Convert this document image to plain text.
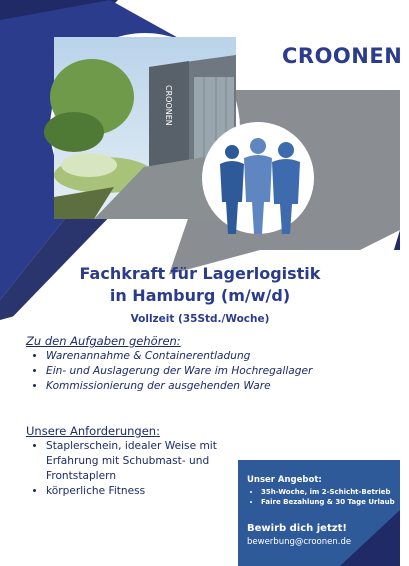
CROONEN
CROONEN
Fachkraft für Lagerlogistik
in Hamburg (m/w/d)

Vollzeit (35Std./Woche)

Zu den Aufgaben gehören:

• Warenannahme & Containerentladung
• Ein- und Auslagerung der Ware im Hochregallager
• Kommissionierung der ausgehenden Ware

Unsere Anforderungen:

• Staplerschein, idealer Weise mit Erfahrung mit Schubmast- und Frontstaplern
• körperliche Fitness

Unser Angebot:

• 35h-Woche, im 2-Schicht-Betrieb
• Faire Bezahlung & 30 Tage Urlaub

Bewirb dich jetzt!

bewerbung@croonen.de
